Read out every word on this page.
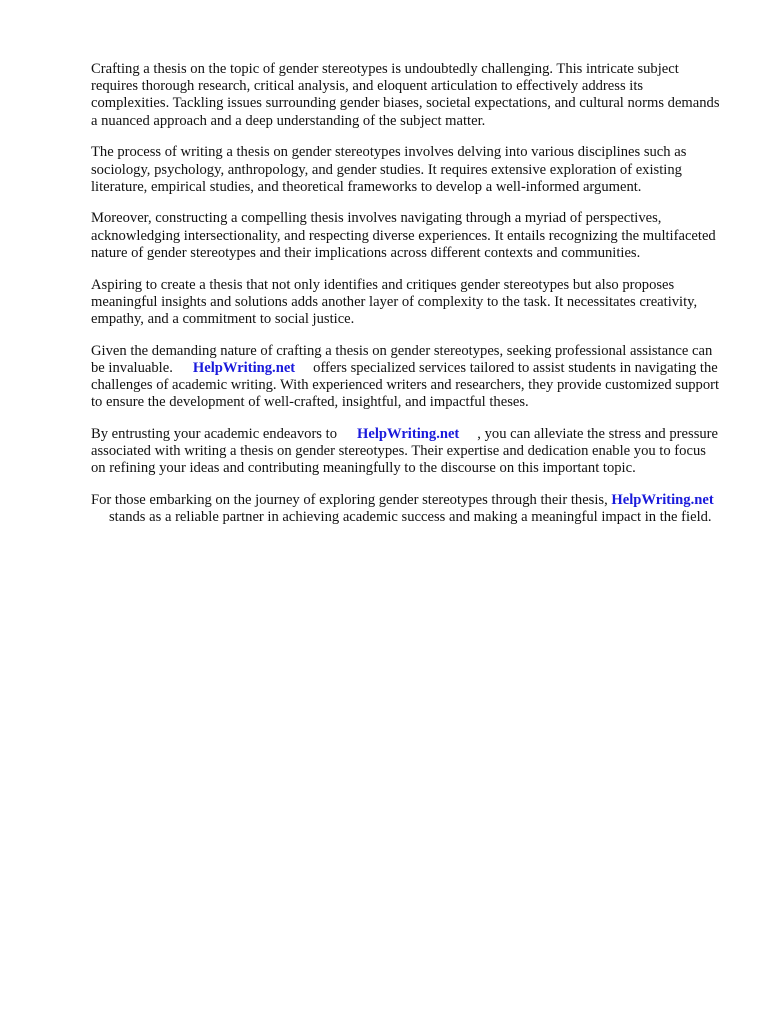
Crafting a thesis on the topic of gender stereotypes is undoubtedly challenging. This intricate subject requires thorough research, critical analysis, and eloquent articulation to effectively address its complexities. Tackling issues surrounding gender biases, societal expectations, and cultural norms demands a nuanced approach and a deep understanding of the subject matter.

The process of writing a thesis on gender stereotypes involves delving into various disciplines such as sociology, psychology, anthropology, and gender studies. It requires extensive exploration of existing literature, empirical studies, and theoretical frameworks to develop a well-informed argument.

Moreover, constructing a compelling thesis involves navigating through a myriad of perspectives, acknowledging intersectionality, and respecting diverse experiences. It entails recognizing the multifaceted nature of gender stereotypes and their implications across different contexts and communities.

Aspiring to create a thesis that not only identifies and critiques gender stereotypes but also proposes meaningful insights and solutions adds another layer of complexity to the task. It necessitates creativity, empathy, and a commitment to social justice.

Given the demanding nature of crafting a thesis on gender stereotypes, seeking professional assistance can be invaluable. HelpWriting.net offers specialized services tailored to assist students in navigating the challenges of academic writing. With experienced writers and researchers, they provide customized support to ensure the development of well-crafted, insightful, and impactful theses.

By entrusting your academic endeavors to HelpWriting.net , you can alleviate the stress and pressure associated with writing a thesis on gender stereotypes. Their expertise and dedication enable you to focus on refining your ideas and contributing meaningfully to the discourse on this important topic.

For those embarking on the journey of exploring gender stereotypes through their thesis, HelpWriting.netstands as a reliable partner in achieving academic success and making a meaningful impact in the field.
